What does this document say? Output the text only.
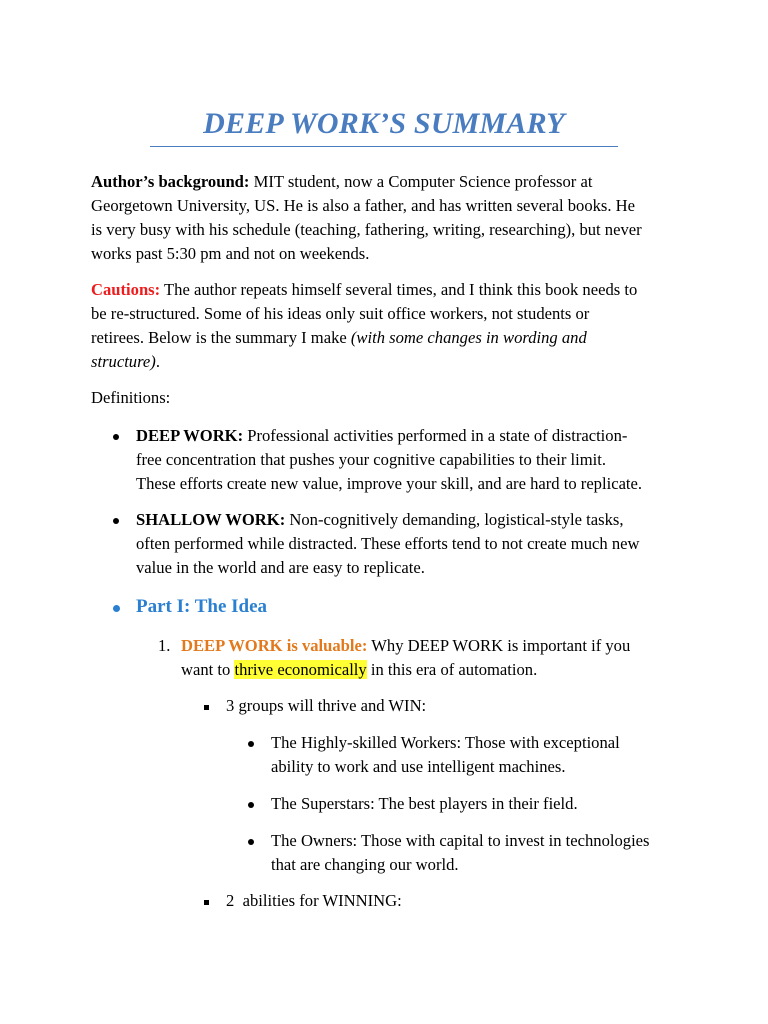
DEEP WORK’S SUMMARY
Author’s background: MIT student, now a Computer Science professor at
Georgetown University, US. He is also a father, and has written several books. He
is very busy with his schedule (teaching, fathering, writing, researching), but never
works past 5:30 pm and not on weekends.
Cautions: The author repeats himself several times, and I think this book needs to
be re-structured. Some of his ideas only suit office workers, not students or
retirees. Below is the summary I make (with some changes in wording and
structure).
Definitions:
DEEP WORK: Professional activities performed in a state of distraction-
free concentration that pushes your cognitive capabilities to their limit.
These efforts create new value, improve your skill, and are hard to replicate.
SHALLOW WORK: Non-cognitively demanding, logistical-style tasks,
often performed while distracted. These efforts tend to not create much new
value in the world and are easy to replicate.
Part I: The Idea
1. DEEP WORK is valuable: Why DEEP WORK is important if you
want to thrive economically in this era of automation.
3 groups will thrive and WIN:
The Highly-skilled Workers: Those with exceptional
ability to work and use intelligent machines.
The Superstars: The best players in their field.
The Owners: Those with capital to invest in technologies
that are changing our world.
2  abilities for WINNING:
